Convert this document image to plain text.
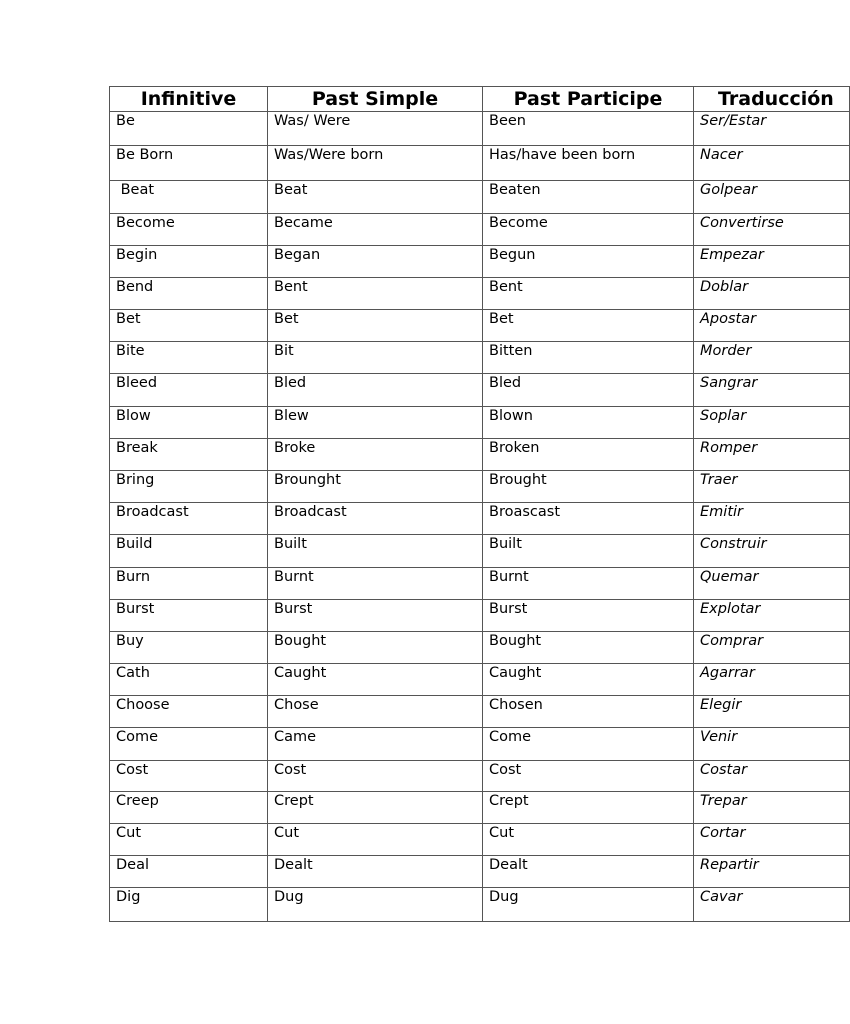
Infinitive	Past Simple	Past Participe	Traducción
Be	Was/ Were	Been	Ser/Estar
Be Born	Was/Were born	Has/have been born	Nacer
Beat	Beat	Beaten	Golpear
Become	Became	Become	Convertirse
Begin	Began	Begun	Empezar
Bend	Bent	Bent	Doblar
Bet	Bet	Bet	Apostar
Bite	Bit	Bitten	Morder
Bleed	Bled	Bled	Sangrar
Blow	Blew	Blown	Soplar
Break	Broke	Broken	Romper
Bring	Brounght	Brought	Traer
Broadcast	Broadcast	Broascast	Emitir
Build	Built	Built	Construir
Burn	Burnt	Burnt	Quemar
Burst	Burst	Burst	Explotar
Buy	Bought	Bought	Comprar
Cath	Caught	Caught	Agarrar
Choose	Chose	Chosen	Elegir
Come	Came	Come	Venir
Cost	Cost	Cost	Costar
Creep	Crept	Crept	Trepar
Cut	Cut	Cut	Cortar
Deal	Dealt	Dealt	Repartir
Dig	Dug	Dug	Cavar
